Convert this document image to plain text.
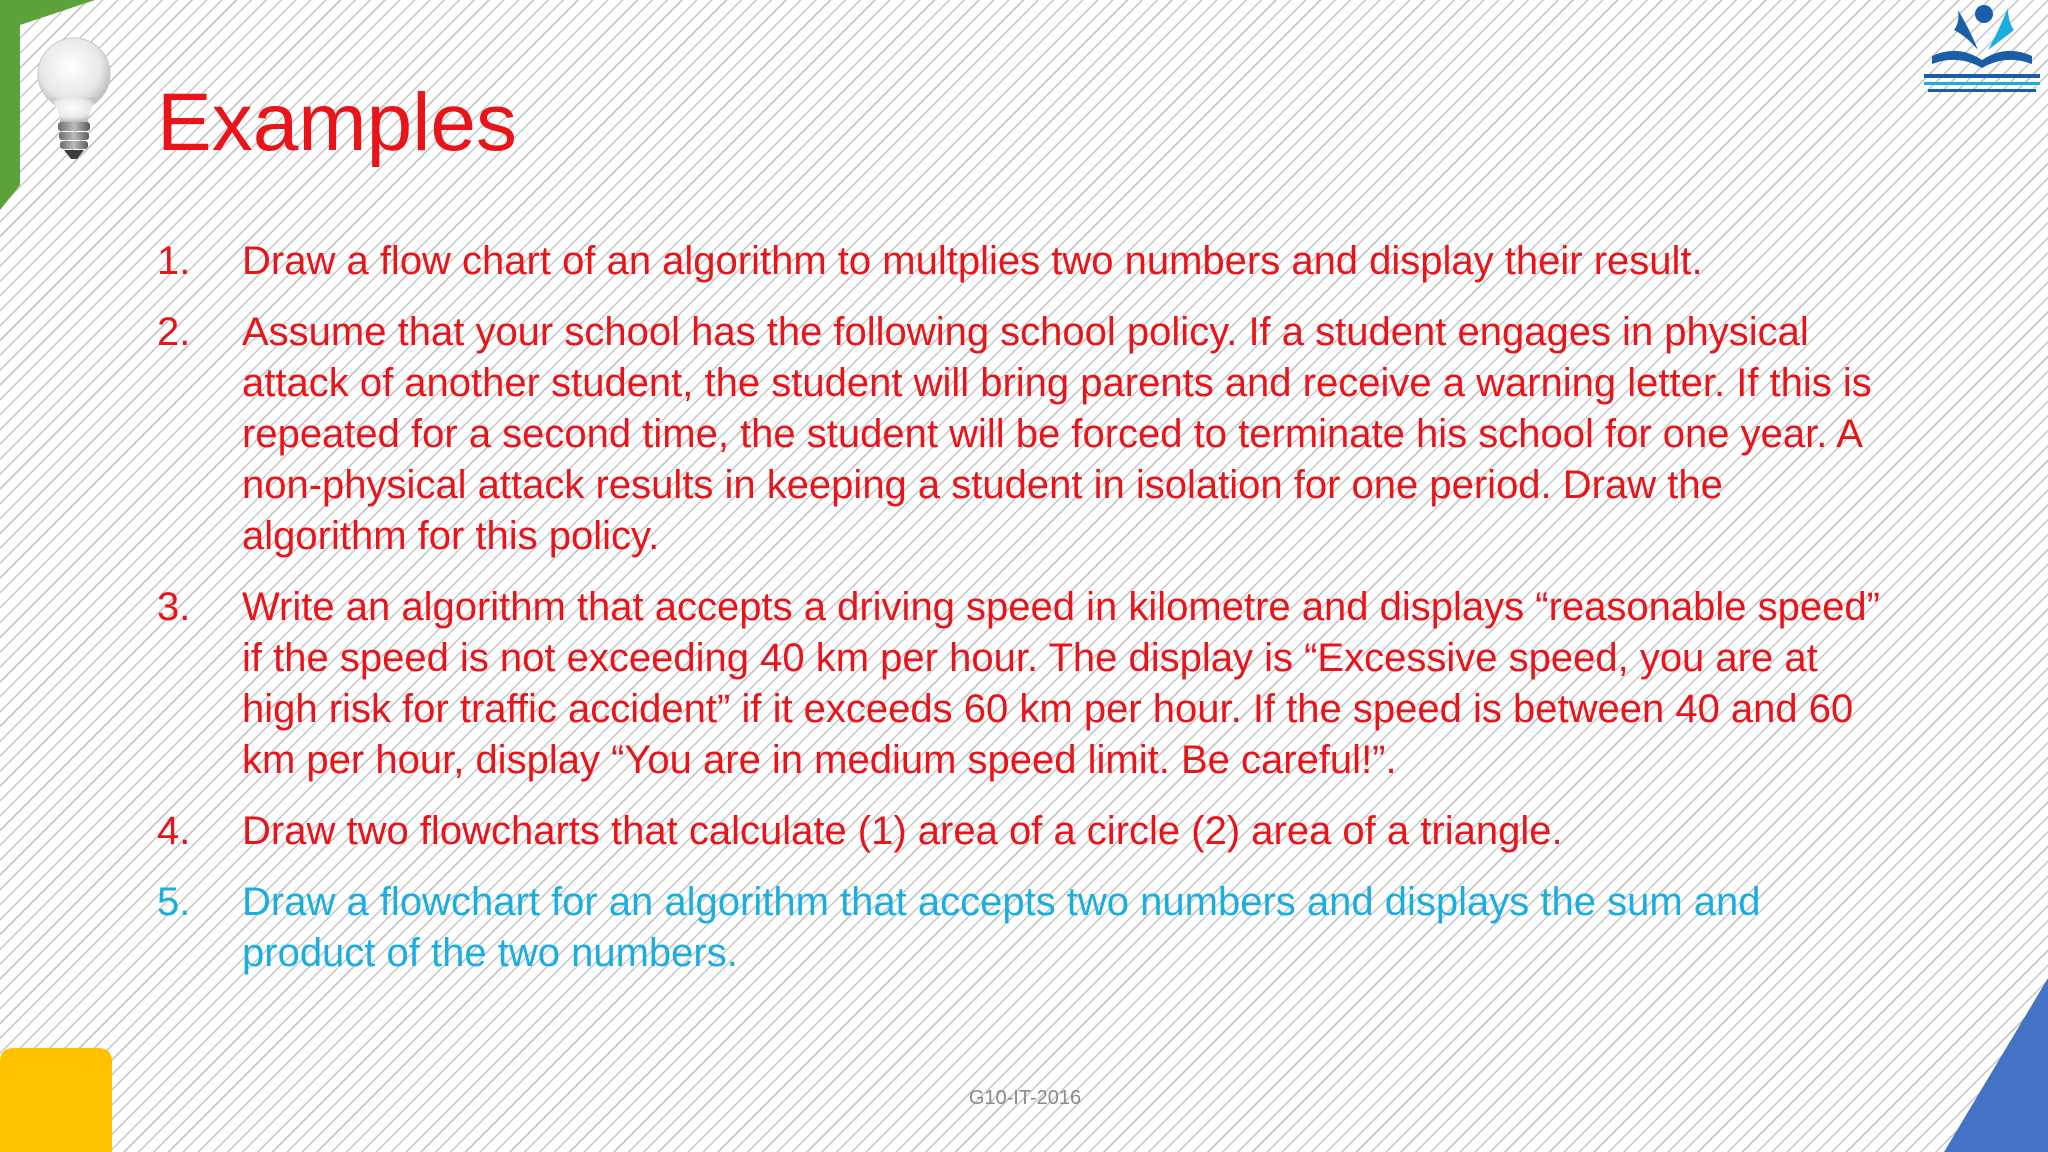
Examples
1.	Draw a flow chart of an algorithm to multplies two numbers and display their result.
2.	Assume that your school has the following school policy. If a student engages in physical attack of another student, the student will bring parents and receive a warning letter. If this is repeated for a second time, the student will be forced to terminate his school for one year. A non-physical attack results in keeping a student in isolation for one period. Draw the algorithm for this policy.
3.	Write an algorithm that accepts a driving speed in kilometre and displays “reasonable speed” if the speed is not exceeding 40 km per hour. The display is “Excessive speed, you are at high risk for traffic accident” if it exceeds 60 km per hour. If the speed is between 40 and 60 km per hour, display “You are in medium speed limit. Be careful!”.
4.	Draw two flowcharts that calculate (1) area of a circle (2) area of a triangle.
5.	Draw a flowchart for an algorithm that accepts two numbers and displays the sum and product of the two numbers.
G10-IT-2016
